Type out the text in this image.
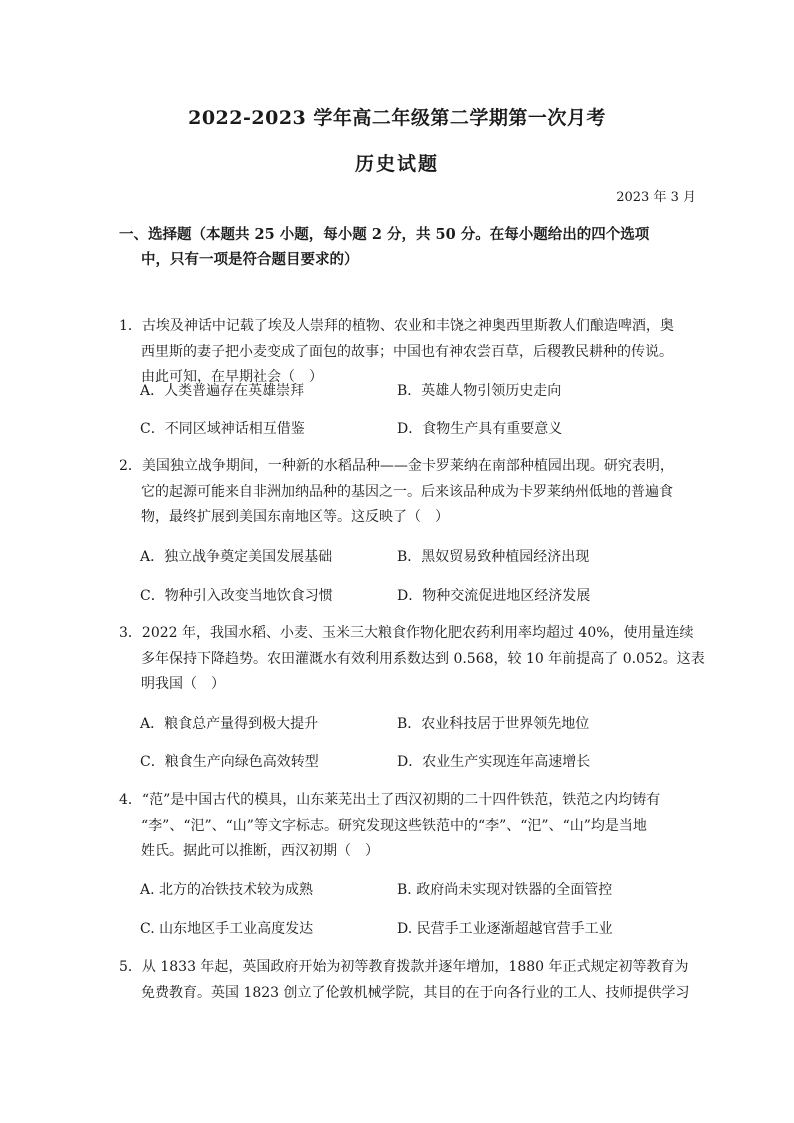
2022-2023 学年高二年级第二学期第一次月考
历史试题
2023 年 3 月
一、选择题（本题共 25 小题，每小题 2 分，共 50 分。在每小题给出的四个选项
中，只有一项是符合题目要求的）
1．古埃及神话中记载了埃及人崇拜的植物、农业和丰饶之神奥西里斯教人们酿造啤酒，奥
西里斯的妻子把小麦变成了面包的故事；中国也有神农尝百草，后稷教民耕种的传说。
由此可知，在早期社会（　）
A．人类普遍存在英雄崇拜	B．英雄人物引领历史走向
C．不同区域神话相互借鉴	D．食物生产具有重要意义
2．美国独立战争期间，一种新的水稻品种——金卡罗莱纳在南部种植园出现。研究表明，
它的起源可能来自非洲加纳品种的基因之一。后来该品种成为卡罗莱纳州低地的普遍食
物，最终扩展到美国东南地区等。这反映了（　）
A．独立战争奠定美国发展基础	B．黑奴贸易致种植园经济出现
C．物种引入改变当地饮食习惯	D．物种交流促进地区经济发展
3．2022 年，我国水稻、小麦、玉米三大粮食作物化肥农药利用率均超过 40%，使用量连续
多年保持下降趋势。农田灌溉水有效利用系数达到 0.568，较 10 年前提高了 0.052。这表
明我国（　）
A．粮食总产量得到极大提升	B．农业科技居于世界领先地位
C．粮食生产向绿色高效转型	D．农业生产实现连年高速增长
4．“范”是中国古代的模具，山东莱芜出土了西汉初期的二十四件铁范，铁范之内均铸有
“李”、“汜”、“山”等文字标志。研究发现这些铁范中的“李”、“汜”、“山”均是当地
姓氏。据此可以推断，西汉初期（　）
A. 北方的冶铁技术较为成熟	B. 政府尚未实现对铁器的全面管控
C. 山东地区手工业高度发达	D. 民营手工业逐渐超越官营手工业
5．从 1833 年起，英国政府开始为初等教育拨款并逐年增加，1880 年正式规定初等教育为
免费教育。英国 1823 创立了伦敦机械学院，其目的在于向各行业的工人、技师提供学习
